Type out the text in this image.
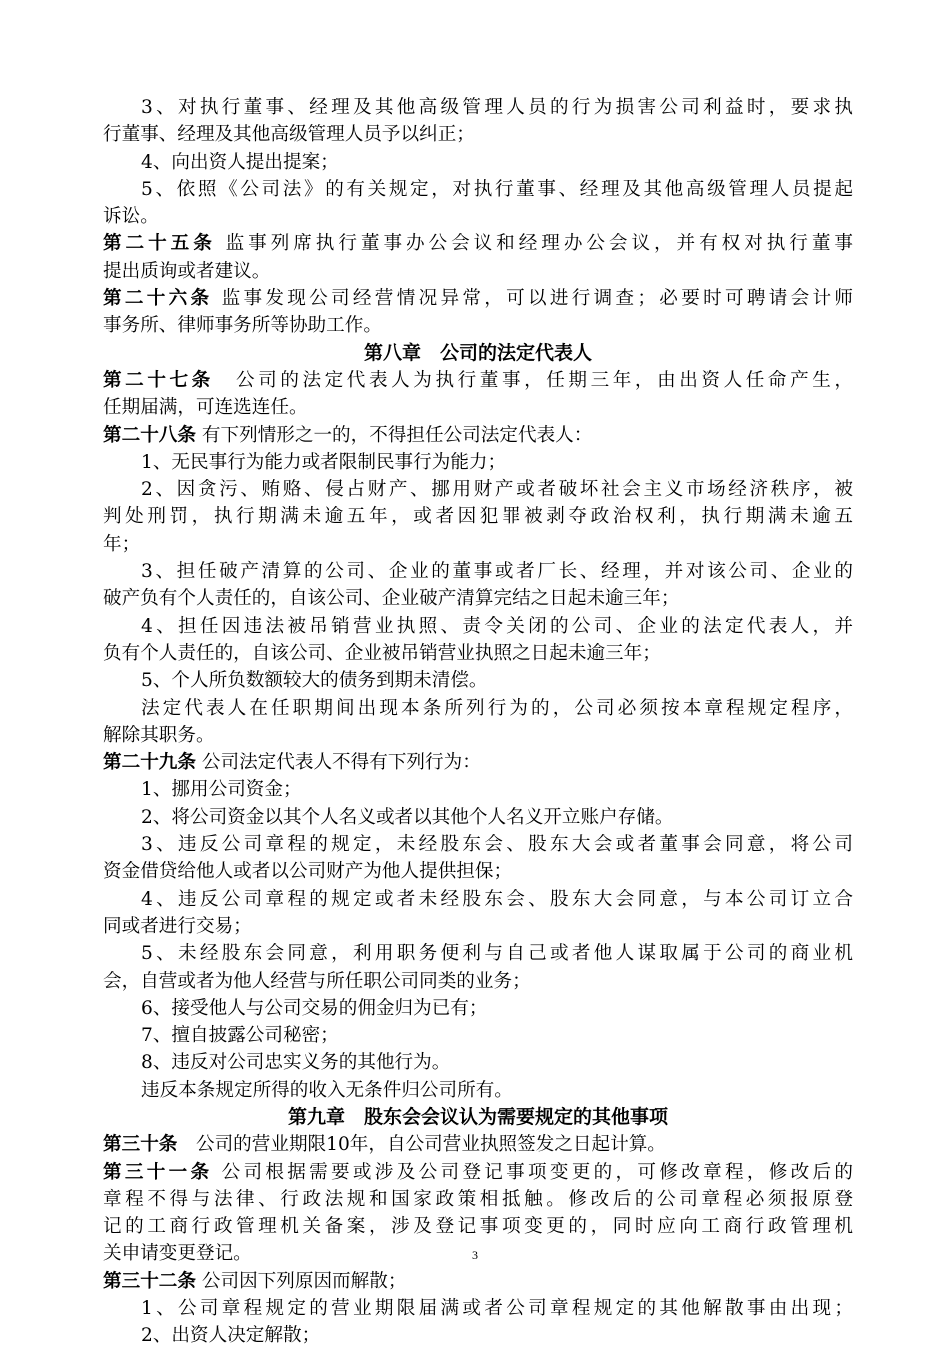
3、对执行董事、经理及其他高级管理人员的行为损害公司利益时，要求执
行董事、经理及其他高级管理人员予以纠正；
4、向出资人提出提案；
5、依照《公司法》的有关规定，对执行董事、经理及其他高级管理人员提起
诉讼。
第二十五条 监事列席执行董事办公会议和经理办公会议，并有权对执行董事
提出质询或者建议。
第二十六条 监事发现公司经营情况异常，可以进行调查；必要时可聘请会计师
事务所、律师事务所等协助工作。
第八章　公司的法定代表人
第二十七条　公司的法定代表人为执行董事，任期三年，由出资人任命产生，
任期届满，可连选连任。
第二十八条 有下列情形之一的，不得担任公司法定代表人：
1、无民事行为能力或者限制民事行为能力；
2、因贪污、贿赂、侵占财产、挪用财产或者破坏社会主义市场经济秩序，被
判处刑罚，执行期满未逾五年，或者因犯罪被剥夺政治权利，执行期满未逾五
年；
3、担任破产清算的公司、企业的董事或者厂长、经理，并对该公司、企业的
破产负有个人责任的，自该公司、企业破产清算完结之日起未逾三年；
4、担任因违法被吊销营业执照、责令关闭的公司、企业的法定代表人，并
负有个人责任的，自该公司、企业被吊销营业执照之日起未逾三年；
5、个人所负数额较大的债务到期未清偿。
法定代表人在任职期间出现本条所列行为的，公司必须按本章程规定程序，
解除其职务。
第二十九条 公司法定代表人不得有下列行为：
1、挪用公司资金；
2、将公司资金以其个人名义或者以其他个人名义开立账户存储。
3、违反公司章程的规定，未经股东会、股东大会或者董事会同意，将公司
资金借贷给他人或者以公司财产为他人提供担保；
4、违反公司章程的规定或者未经股东会、股东大会同意，与本公司订立合
同或者进行交易；
5、未经股东会同意，利用职务便利与自己或者他人谋取属于公司的商业机
会，自营或者为他人经营与所任职公司同类的业务；
6、接受他人与公司交易的佣金归为已有；
7、擅自披露公司秘密；
8、违反对公司忠实义务的其他行为。
违反本条规定所得的收入无条件归公司所有。
第九章　股东会会议认为需要规定的其他事项
第三十条　公司的营业期限10年，自公司营业执照签发之日起计算。
第三十一条 公司根据需要或涉及公司登记事项变更的，可修改章程，修改后的
章程不得与法律、行政法规和国家政策相抵触。修改后的公司章程必须报原登
记的工商行政管理机关备案，涉及登记事项变更的，同时应向工商行政管理机
关申请变更登记。
第三十二条 公司因下列原因而解散；
1、公司章程规定的营业期限届满或者公司章程规定的其他解散事由出现；
2、出资人决定解散；
3
